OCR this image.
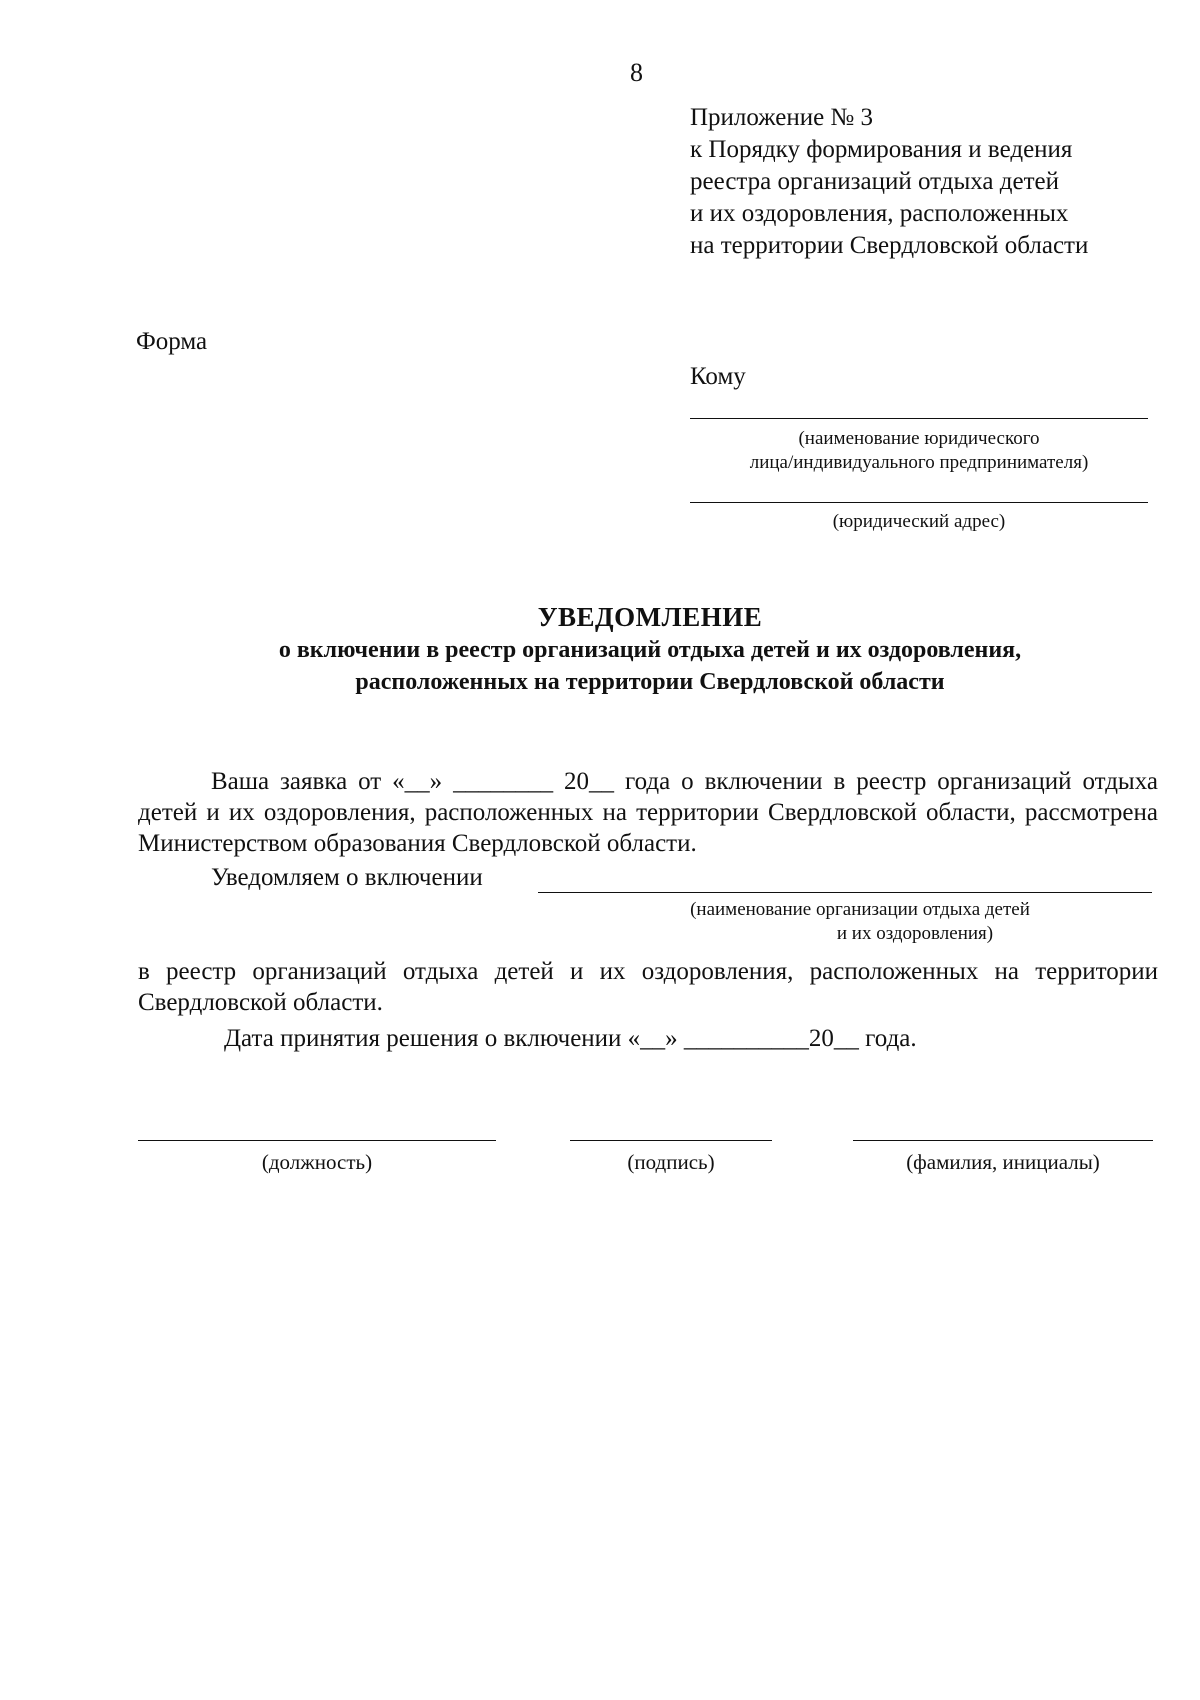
8
Приложение № 3
к Порядку формирования и ведения
реестра организаций отдыха детей
и их оздоровления, расположенных
на территории Свердловской области
Форма
Кому
(наименование юридического
лица/индивидуального предпринимателя)
(юридический адрес)
УВЕДОМЛЕНИЕ
о включении в реестр организаций отдыха детей и их оздоровления,
расположенных на территории Свердловской области
Ваша заявка от «__» ________ 20__ года о включении в реестр организаций отдыха детей и их оздоровления, расположенных на территории Свердловской области, рассмотрена Министерством образования Свердловской области.
Уведомляем о включении
(наименование организации отдыха детей
и их оздоровления)
в реестр организаций отдыха детей и их оздоровления, расположенных на территории Свердловской области.
Дата принятия решения о включении «__» __________20__ года.
(должность)	(подпись)	(фамилия, инициалы)
